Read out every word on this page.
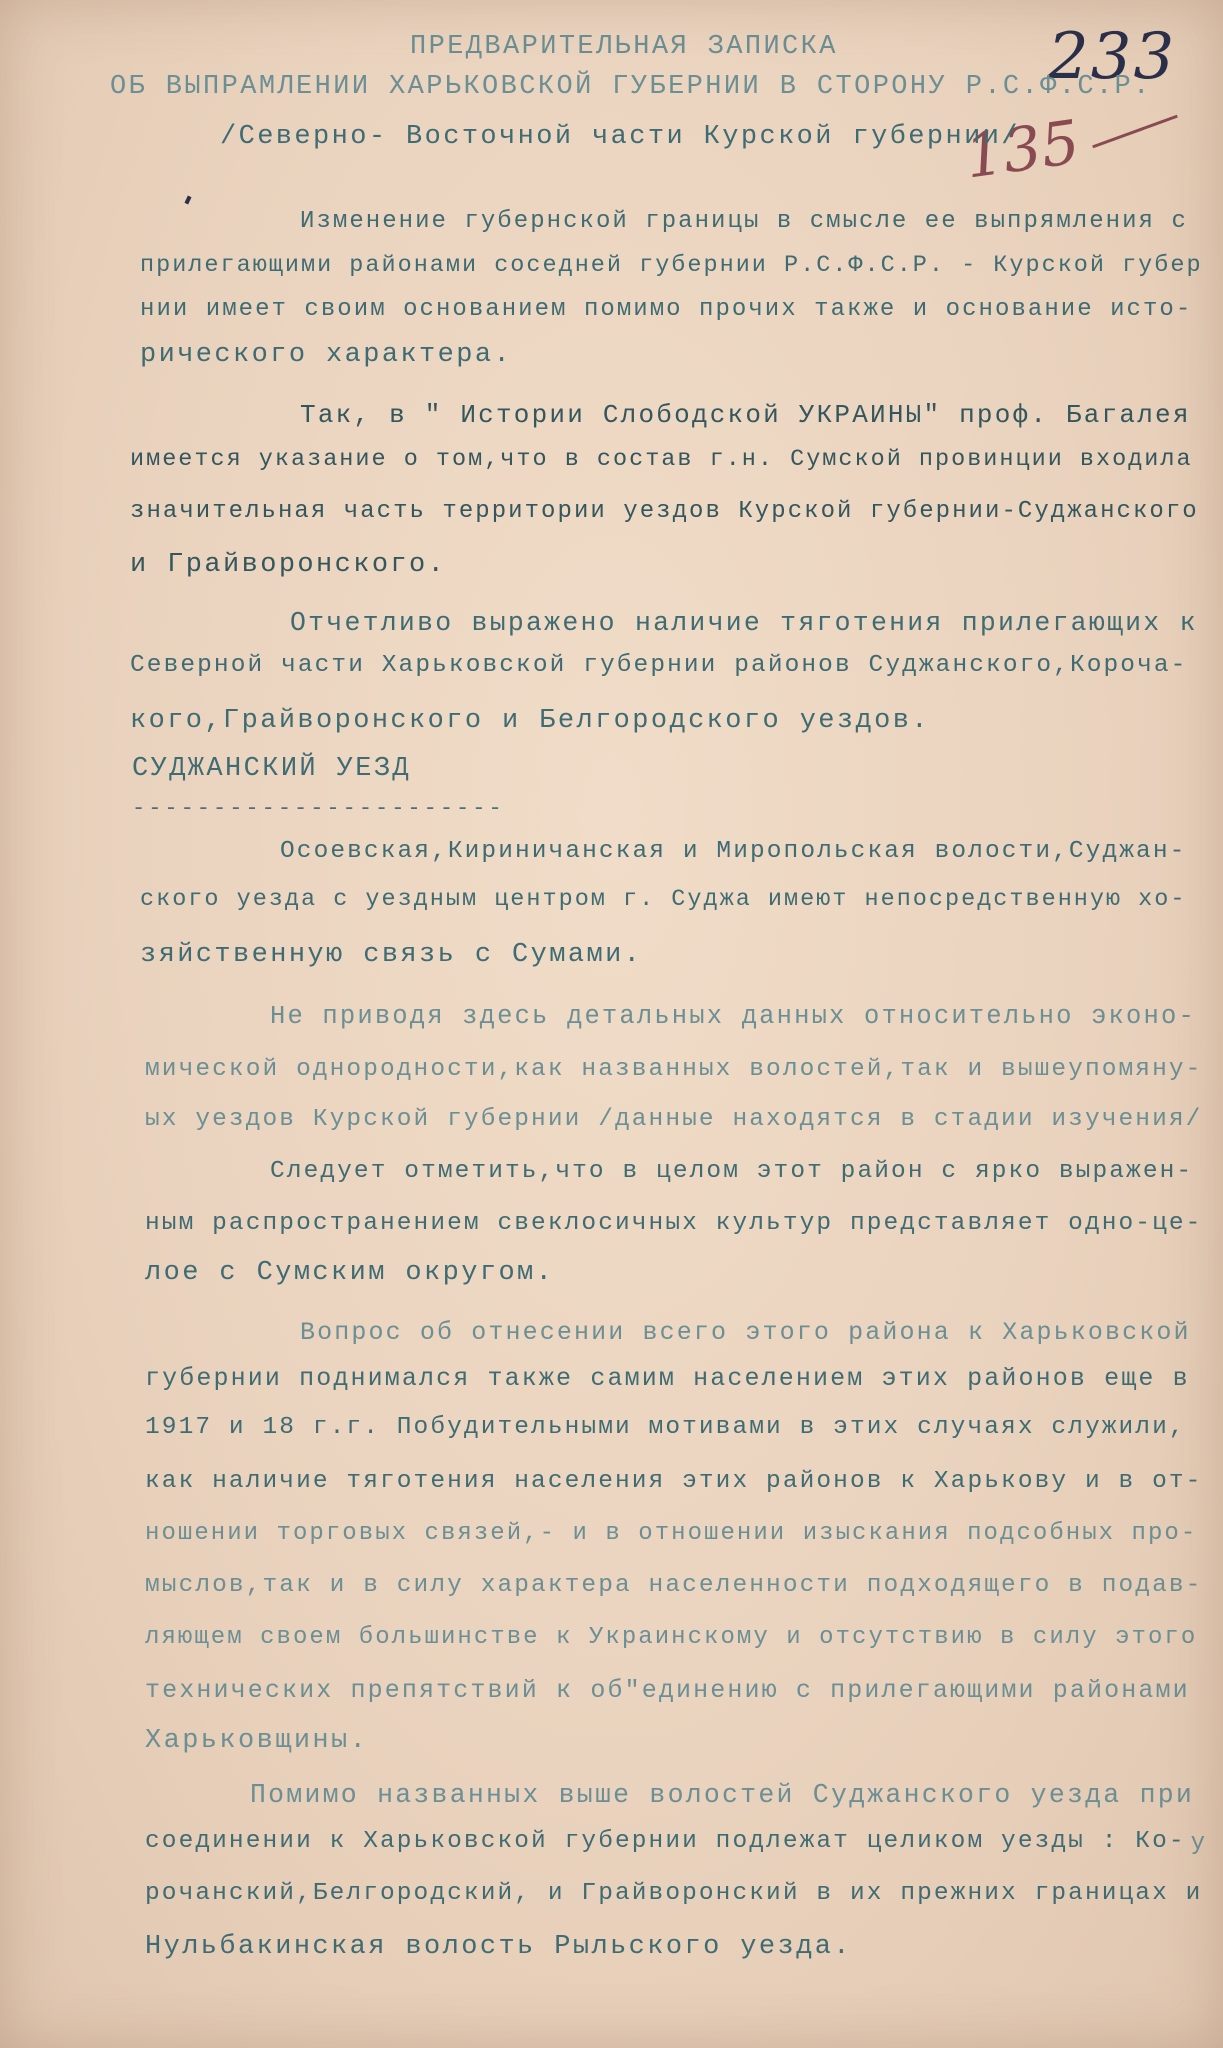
233
135
ПРЕДВАРИТЕЛЬНАЯ ЗАПИСКА
ОБ ВЫПРАМЛЕНИИ ХАРЬКОВСКОЙ ГУБЕРНИИ В СТОРОНУ Р.С.Ф.С.Р.
/Северно- Восточной части Курской губернии/
Изменение губернской границы в смысле ее выпрямления с
прилегающими районами соседней губернии Р.С.Ф.С.Р. - Курской губер
нии имеет своим основанием помимо прочих также и основание исто-
рического характера.
Так, в " Истории Слободской УКРАИНЫ" проф. Багалея
имеется указание о том,что в состав г.н. Сумской провинции входила
значительная часть территории уездов Курской губернии-Суджанского
и Грайворонского.
Отчетливо выражено наличие тяготения прилегающих к
Северной части Харьковской губернии районов Суджанского,Короча-
кого,Грайворонского и Белгородского уездов.
СУДЖАНСКИЙ УЕЗД
-----------------------
Осоевская,Кириничанская и Миропольская волости,Суджан-
ского уезда с уездным центром г. Суджа имеют непосредственную хо-
зяйственную связь с Сумами.
Не приводя здесь детальных данных относительно эконо-
мической однородности,как названных волостей,так и вышеупомяну-
ых уездов Курской губернии /данные находятся в стадии изучения/
Следует отметить,что в целом этот район с ярко выражен-
ным распространением свеклосичных культур представляет одно-це-
лое с Сумским округом.
Вопрос об отнесении всего этого района к Харьковской
губернии поднимался также самим населением этих районов еще в
1917 и 18 г.г. Побудительными мотивами в этих случаях служили,
как наличие тяготения населения этих районов к Харькову и в от-
ношении торговых связей,- и в отношении изыскания подсобных про-
мыслов,так и в силу характера населенности подходящего в подав-
ляющем своем большинстве к Украинскому и отсутствию в силу этого
технических препятствий к об"единению с прилегающими районами
Харьковщины.
Помимо названных выше волостей Суджанского уезда при
соединении к Харьковской губернии подлежат целиком уезды : Ко-
рочанский,Белгородский, и Грайворонский в их прежних границах и
Нульбакинская волость Рыльского уезда.
у
